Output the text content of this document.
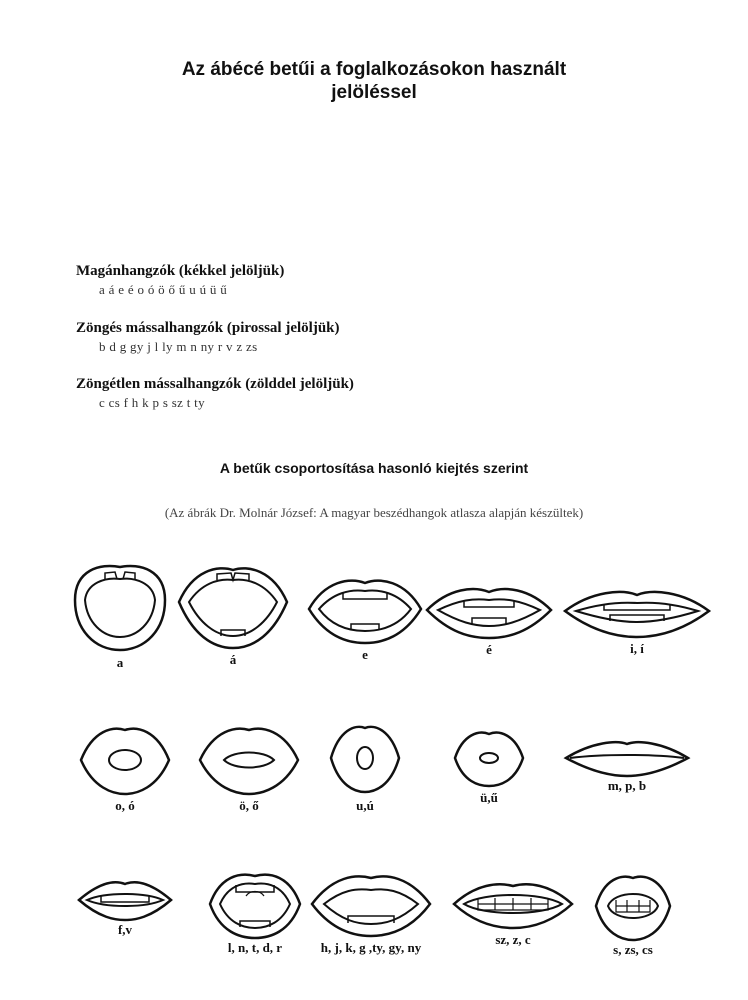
Az ábécé betűi a foglalkozásokon használt
jelöléssel
Magánhangzók (kékkel jelöljük)

a á e é o ó ö ő ű u ú ü ű

Zöngés mássalhangzók (pirossal jelöljük)

b d g gy j l ly m n ny r v z zs

Zöngétlen mássalhangzók (zölddel jelöljük)

c cs f h k p s sz t ty

A betűk csoportosítása hasonló kiejtés szerint
(Az ábrák Dr. Molnár József: A magyar beszédhangok atlasza alapján készültek)
a	á	e	é	i, í
o, ó	ö, ő	u,ú
ü,ű
m, p, b
f,v
l, n, t, d, r	h, j, k, g ,ty, gy, ny
sz, z, c
s, zs, cs
